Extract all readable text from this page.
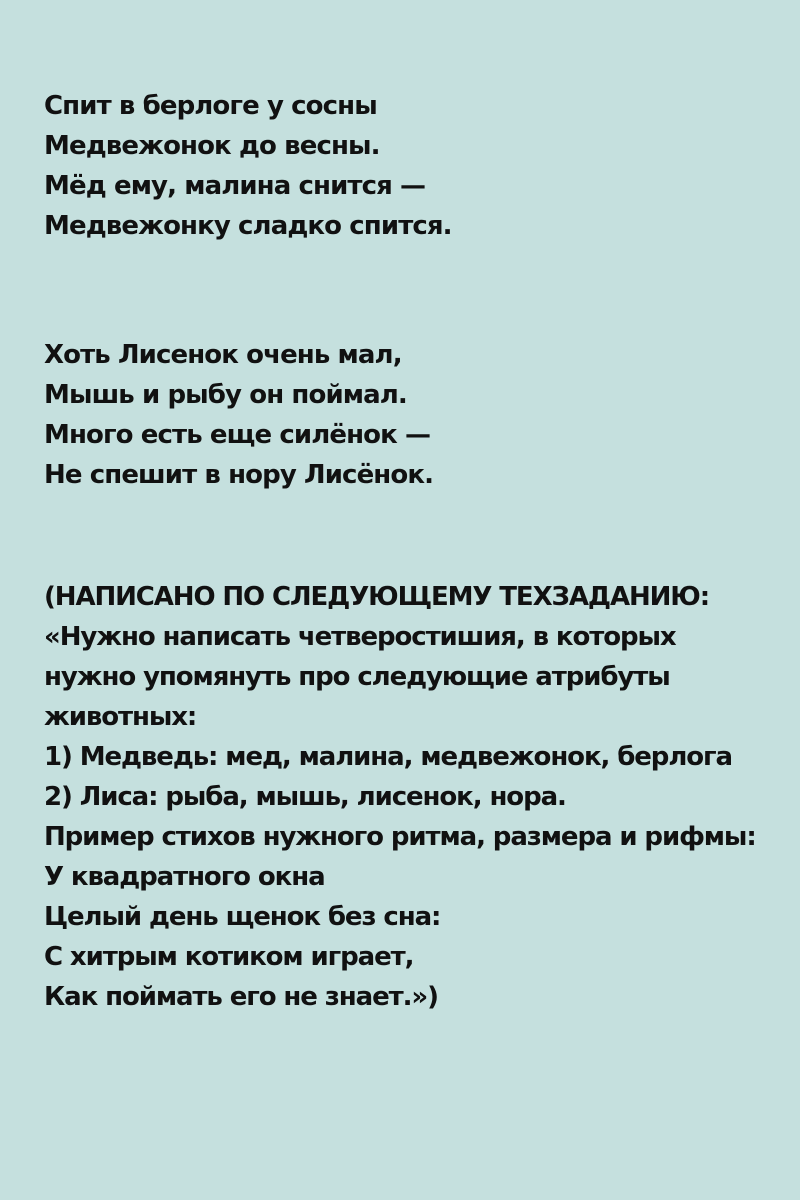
Спит в берлоге у сосны
Медвежонок до весны.
Мёд ему, малина снится —
Медвежонку сладко спится.
Хоть Лисенок очень мал,
Мышь и рыбу он поймал.
Много есть еще силёнок —
Не спешит в нору Лисёнок.
(НАПИСАНО ПО СЛЕДУЮЩЕМУ ТЕХЗАДАНИЮ:
«Нужно написать четверостишия, в которых
нужно упомянуть про следующие атрибуты
животных:
1) Медведь: мед, малина, медвежонок, берлога
2) Лиса: рыба, мышь, лисенок, нора.
Пример стихов нужного ритма, размера и рифмы:
У квадратного окна
Целый день щенок без сна:
С хитрым котиком играет,
Как поймать его не знает.»)
